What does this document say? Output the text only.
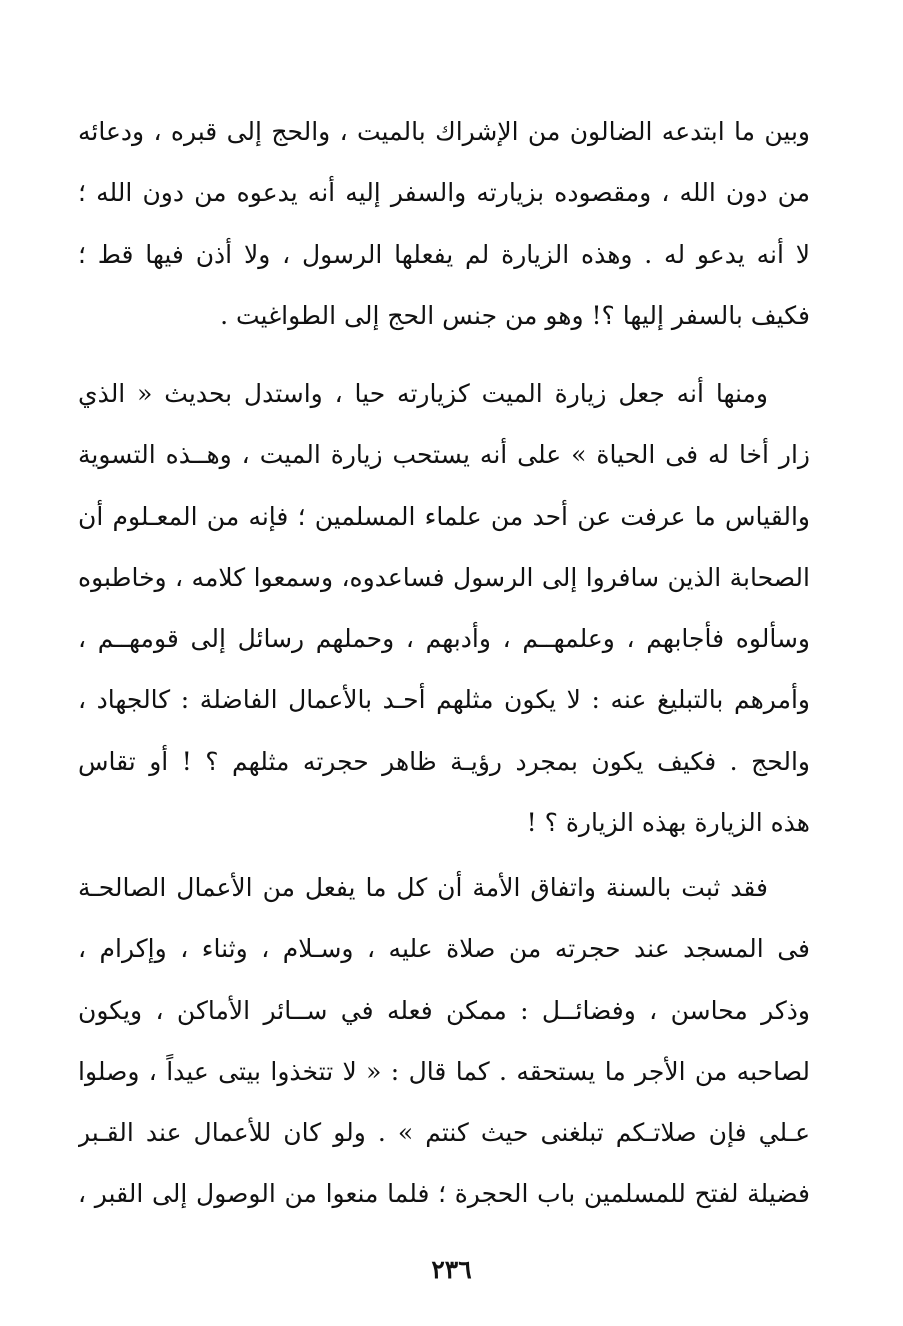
وبين ما ابتدعه الضالون من الإشراك بالميت ، والحج إلى قبره ، ودعائه
من دون الله ، ومقصوده بزيارته والسفر إليه أنه يدعوه من دون الله ؛
لا أنه يدعو له . وهذه الزيارة لم يفعلها الرسول ، ولا أذن فيها قط ؛
فكيف بالسفر إليها ؟! وهو من جنس الحج إلى الطواغيت .
ومنها أنه جعل زيارة الميت كزيارته حيا ، واستدل بحديث « الذي
زار أخا له فى الحياة » على أنه يستحب زيارة الميت ، وهــذه التسوية
والقياس ما عرفت عن أحد من علماء المسلمين ؛ فإنه من المعـلوم أن
الصحابة الذين سافروا إلى الرسول فساعدوه، وسمعوا كلامه ، وخاطبوه
وسألوه فأجابهم ، وعلمهــم ، وأدبهم ، وحملهم رسائل إلى قومهــم ،
وأمرهم بالتبليغ عنه : لا يكون مثلهم أحـد بالأعمال الفاضلة : كالجهاد ،
والحج . فكيف يكون بمجرد رؤيـة ظاهر حجرته مثلهم ؟ ! أو تقاس
هذه الزيارة بهذه الزيارة ؟ !
فقد ثبت بالسنة واتفاق الأمة أن كل ما يفعل من الأعمال الصالحـة
فى المسجد عند حجرته من صلاة عليه ، وسـلام ، وثناء ، وإكرام ،
وذكر محاسن ، وفضائــل : ممكن فعله في ســائر الأماكن ، ويكون
لصاحبه من الأجر ما يستحقه . كما قال : « لا تتخذوا بيتى عيداً ، وصلوا
عـلي فإن صلاتـكم تبلغنى حيث كنتم » . ولو كان للأعمال عند القـبر
فضيلة لفتح للمسلمين باب الحجرة ؛ فلما منعوا من الوصول إلى القبر ،
٢٣٦
